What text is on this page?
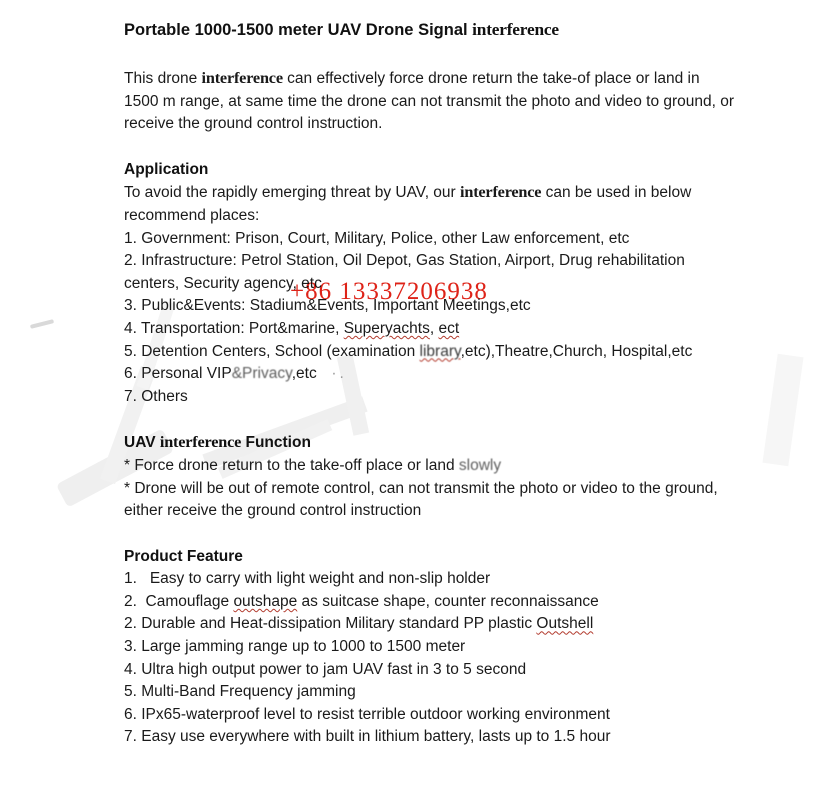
Portable 1000-1500 meter UAV Drone Signal interference

This drone interference can effectively force drone return the take-of place or land in 1500 m range, at same time the drone can not transmit the photo and video to ground, or receive the ground control instruction.

Application

To avoid the rapidly emerging threat by UAV, our interference can be used in below recommend places:

1. Government: Prison, Court, Military, Police, other Law enforcement, etc
2. Infrastructure: Petrol Station, Oil Depot, Gas Station, Airport, Drug rehabilitation centers, Security agency, etc
3. Public&Events: Stadium&Events, Important Meetings,etc
4. Transportation: Port&marine, Superyachts, ect
5. Detention Centers, School (examination library,etc),Theatre,Church, Hospital,etc
6. Personal VIP&Privacy,etc  ·.
7. Others
UAV interference Function
* Force drone return to the take-off place or land slowly
* Drone will be out of remote control, can not transmit the photo or video to the ground, either receive the ground control instruction
Product Feature
1.   Easy to carry with light weight and non-slip holder
2.  Camouflage outshape as suitcase shape, counter reconnaissance
2. Durable and Heat-dissipation Military standard PP plastic Outshell
3. Large jamming range up to 1000 to 1500 meter
4. Ultra high output power to jam UAV fast in 3 to 5 second
5. Multi-Band Frequency jamming
6. IPx65-waterproof level to resist terrible outdoor working environment
7. Easy use everywhere with built in lithium battery, lasts up to 1.5 hour
+86 13337206938
